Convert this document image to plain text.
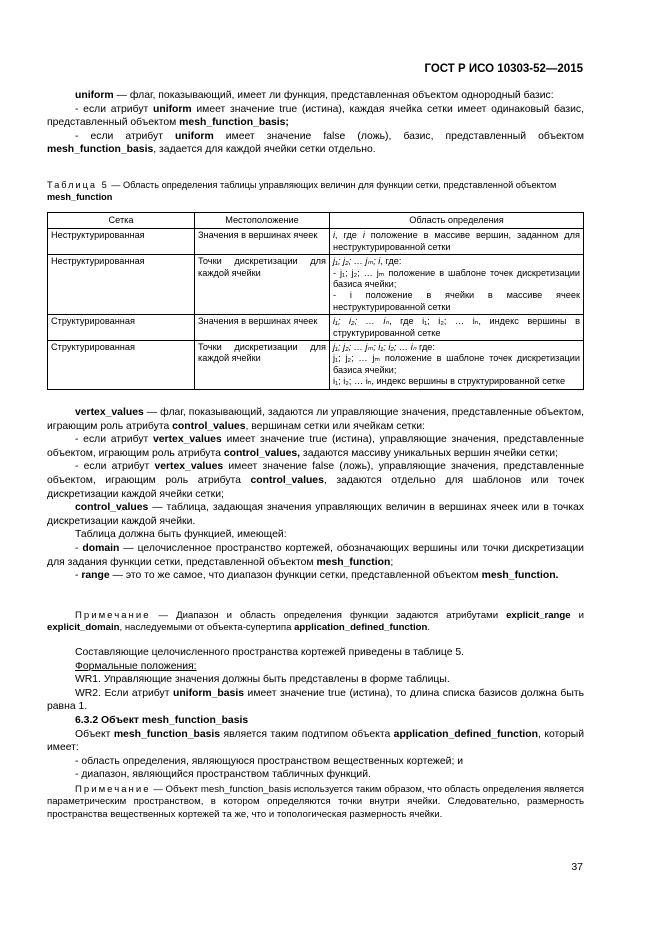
ГОСТ Р ИСО 10303-52—2015

uniform — флаг, показывающий, имеет ли функция, представленная объектом однородный базис:

- если атрибут uniform имеет значение true (истина), каждая ячейка сетки имеет одинаковый базис, представленный объектом mesh_function_basis;

- если атрибут uniform имеет значение false (ложь), базис, представленный объектом mesh_function_basis, задается для каждой ячейки сетки отдельно.

Таблица 5 — Область определения таблицы управляющих величин для функции сетки, представленной объектом mesh_function
Сетка	Местоположение	Область определения
Неструктурированная	Значения в вершинах ячеек	i, где i положение в массиве вершин, заданном для неструктурированной сетки
Неструктурированная	Точки дискретизации для каждой ячейки	j₁; j₂; … jₘ; i, где:
- j₁; j₂; … jₘ положение в шаблоне точек дискретизации базиса ячейки;
- i положение в ячейки в массиве ячеек неструктурированной сетки
Структурированная	Значения в вершинах ячеек	i₁; i₂; … iₙ, где i₁; i₂; … iₙ, индекс вершины в структурированной сетке
Структурированная	Точки дискретизации для каждой ячейки	j₁; j₂; … jₘ; i₁; i₂; … iₙ где:
j₁; j₂; … jₘ положение в шаблоне точек дискретизации базиса ячейки;
i₁; i₂; … iₙ, индекс вершины в структурированной сетке

vertex_values — флаг, показывающий, задаются ли управляющие значения, представленные объектом, играющим роль атрибута control_values, вершинам сетки или ячейкам сетки:

- если атрибут vertex_values имеет значение true (истина), управляющие значения, представленные объектом, играющим роль атрибута control_values, задаются массиву уникальных вершин ячейки сетки;

- если атрибут vertex_values имеет значение false (ложь), управляющие значения, представленные объектом, играющим роль атрибута control_values, задаются отдельно для шаблонов или точек дискретизации каждой ячейки сетки;

control_values — таблица, задающая значения управляющих величин в вершинах ячеек или в точках дискретизации каждой ячейки.

Таблица должна быть функцией, имеющей:

- domain — целочисленное пространство кортежей, обозначающих вершины или точки дискретизации для задания функции сетки, представленной объектом mesh_function;

- range — это то же самое, что диапазон функции сетки, представленной объектом mesh_function.

Примечание — Диапазон и область определения функции задаются атрибутами explicit_range и explicit_domain, наследуемыми от объекта-супертипа application_defined_function.

Составляющие целочисленного пространства кортежей приведены в таблице 5.

Формальные положения:

WR1. Управляющие значения должны быть представлены в форме таблицы.

WR2. Если атрибут uniform_basis имеет значение true (истина), то длина списка базисов должна быть равна 1.

6.3.2 Объект mesh_function_basis

Объект mesh_function_basis является таким подтипом объекта application_defined_function, который имеет:

- область определения, являющуюся пространством вещественных кортежей; и

- диапазон, являющийся пространством табличных функций.

Примечание — Объект mesh_function_basis используется таким образом, что область определения является параметрическим пространством, в котором определяются точки внутри ячейки. Следовательно, размерность пространства вещественных кортежей та же, что и топологическая размерность ячейки.
37
